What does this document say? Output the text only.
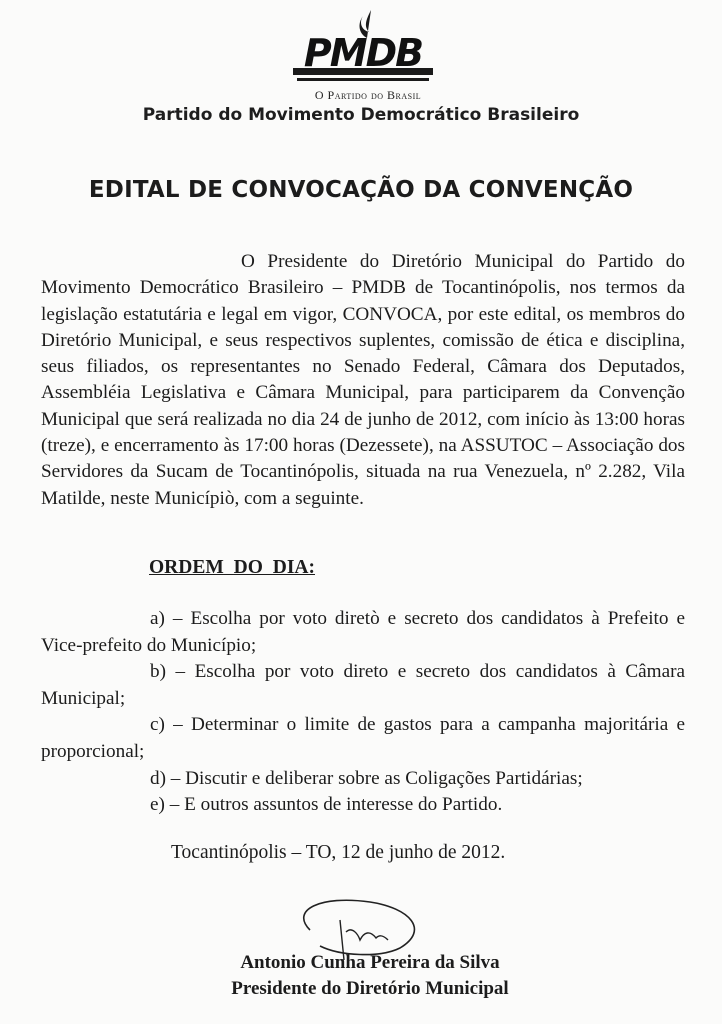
PMDB
O Partido do Brasil
Partido do Movimento Democrático Brasileiro
EDITAL DE CONVOCAÇÃO DA CONVENÇÃO

O Presidente do Diretório Municipal do Partido do Movimento Democrático Brasileiro – PMDB de Tocantinópolis, nos termos da legislação estatutária e legal em vigor, CONVOCA, por este edital, os membros do Diretório Municipal, e seus respectivos suplentes, comissão de ética e disciplina, seus filiados, os representantes no Senado Federal, Câmara dos Deputados, Assembléia Legislativa e Câmara Municipal, para participarem da Convenção Municipal que será realizada no dia 24 de junho de 2012, com início às 13:00 horas (treze), e encerramento às 17:00 horas (Dezessete), na ASSUTOC – Associação dos Servidores da Sucam de Tocantinópolis, situada na rua Venezuela, nº 2.282, Vila Matilde, neste Municípiò, com a seguinte.

ORDEM DO DIA:
a) – Escolha por voto diretò e secreto dos candidatos à Prefeito e Vice-prefeito do Município;
b) – Escolha por voto direto e secreto dos candidatos à Câmara Municipal;
c) – Determinar o limite de gastos para a campanha majoritária e proporcional;
d) – Discutir e deliberar sobre as Coligações Partidárias;
e) – E outros assuntos de interesse do Partido.
Tocantinópolis – TO, 12 de junho de 2012.
Antonio Cunha Pereira da Silva
Presidente do Diretório Municipal
